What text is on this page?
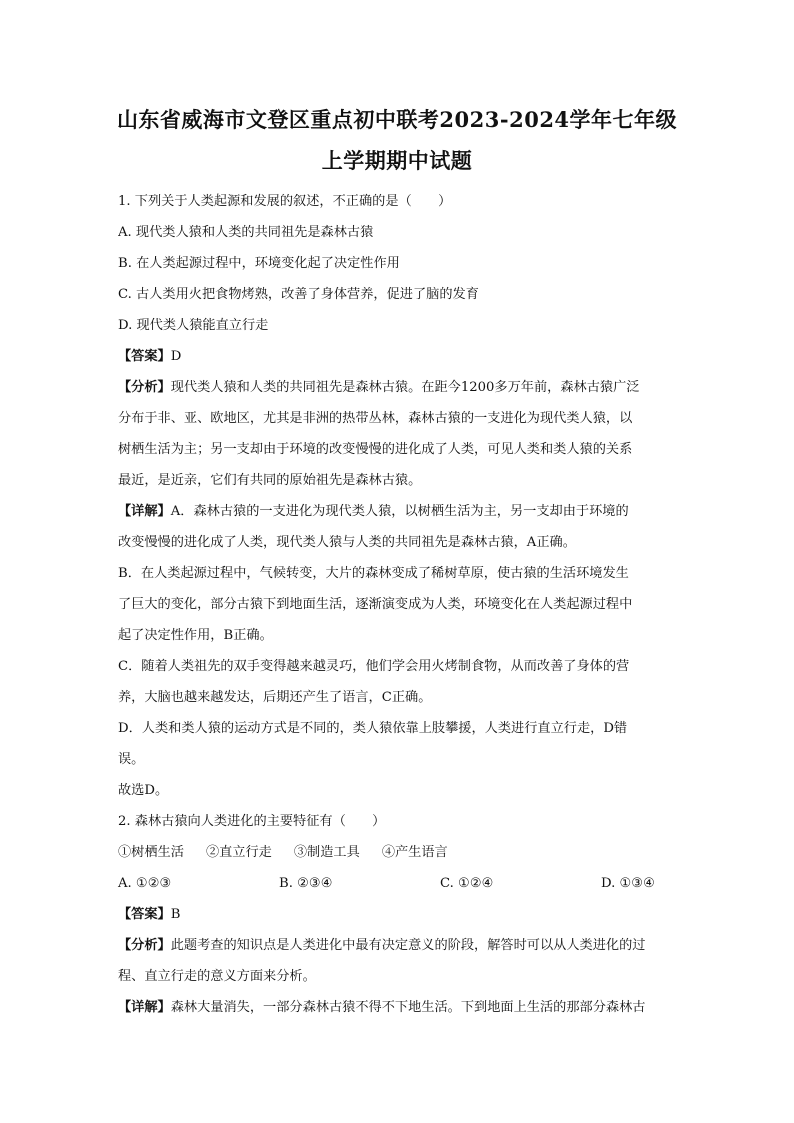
山东省威海市文登区重点初中联考2023-2024学年七年级
上学期期中试题
1. 下列关于人类起源和发展的叙述，不正确的是（　　）
A. 现代类人猿和人类的共同祖先是森林古猿
B. 在人类起源过程中，环境变化起了决定性作用
C. 古人类用火把食物烤熟，改善了身体营养，促进了脑的发育
D. 现代类人猿能直立行走
【答案】D
【分析】现代类人猿和人类的共同祖先是森林古猿。在距今1200多万年前，森林古猿广泛
分布于非、亚、欧地区，尤其是非洲的热带丛林，森林古猿的一支进化为现代类人猿，以
树栖生活为主；另一支却由于环境的改变慢慢的进化成了人类，可见人类和类人猿的关系
最近，是近亲，它们有共同的原始祖先是森林古猿。
【详解】A．森林古猿的一支进化为现代类人猿，以树栖生活为主，另一支却由于环境的
改变慢慢的进化成了人类，现代类人猿与人类的共同祖先是森林古猿，A正确。
B．在人类起源过程中，气候转变，大片的森林变成了稀树草原，使古猿的生活环境发生
了巨大的变化，部分古猿下到地面生活，逐渐演变成为人类，环境变化在人类起源过程中
起了决定性作用，B正确。
C．随着人类祖先的双手变得越来越灵巧，他们学会用火烤制食物，从而改善了身体的营
养，大脑也越来越发达，后期还产生了语言，C正确。
D．人类和类人猿的运动方式是不同的，类人猿依靠上肢攀援，人类进行直立行走，D错
误。
故选D。
2. 森林古猿向人类进化的主要特征有（　　）
①树栖生活 ②直立行走 ③制造工具 ④产生语言
A. ①②③	B. ②③④	C. ①②④	D. ①③④
【答案】B
【分析】此题考查的知识点是人类进化中最有决定意义的阶段，解答时可以从人类进化的过
程、直立行走的意义方面来分析。
【详解】森林大量消失，一部分森林古猿不得不下地生活。下到地面上生活的那部分森林古
